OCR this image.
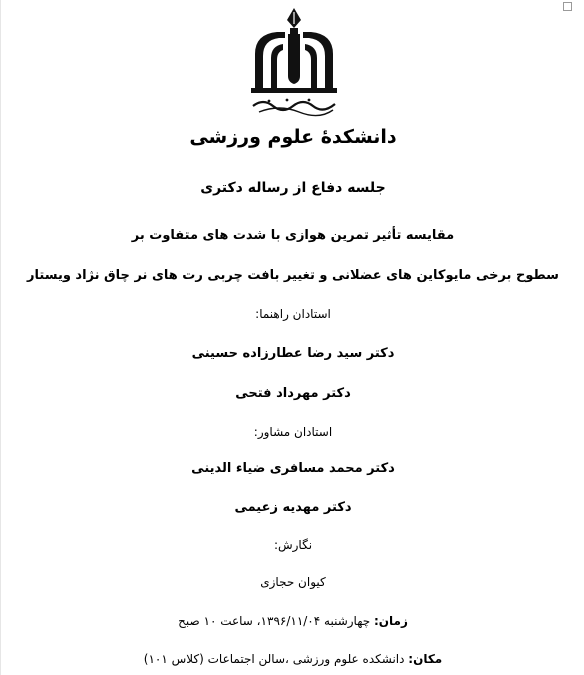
دانشکدهٔ علوم ورزشی
جلسه دفاع از رساله دکتری
مقایسه تأثیر تمرین هوازی با شدت های متفاوت بر
سطوح برخی مایوکاین های عضلانی و تغییر بافت چربی رت های نر چاق نژاد ویستار
استادان راهنما:
دکتر سید رضا عطارزاده حسینی
دکتر مهرداد فتحی
استادان مشاور:
دکتر محمد مسافری ضیاء الدینی
دکتر مهدیه زعیمی
نگارش:
کیوان حجازی
زمان: چهارشنبه ۱۳۹۶/۱۱/۰۴، ساعت ۱۰ صبح
مکان: دانشکده علوم ورزشی ،سالن اجتماعات (کلاس ۱۰۱)
